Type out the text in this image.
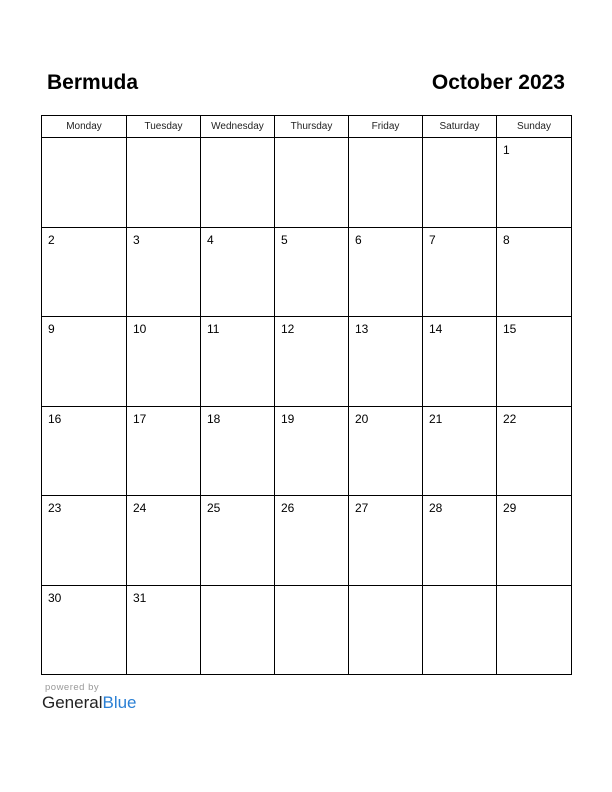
Bermuda	October 2023
Monday	Tuesday	Wednesday	Thursday	Friday	Saturday	Sunday

						1

2	3	4	5	6	7	8

9	10	11	12	13	14	15

16	17	18	19	20	21	22

23	24	25	26	27	28	29

30	31					

powered by
GeneralBlue
